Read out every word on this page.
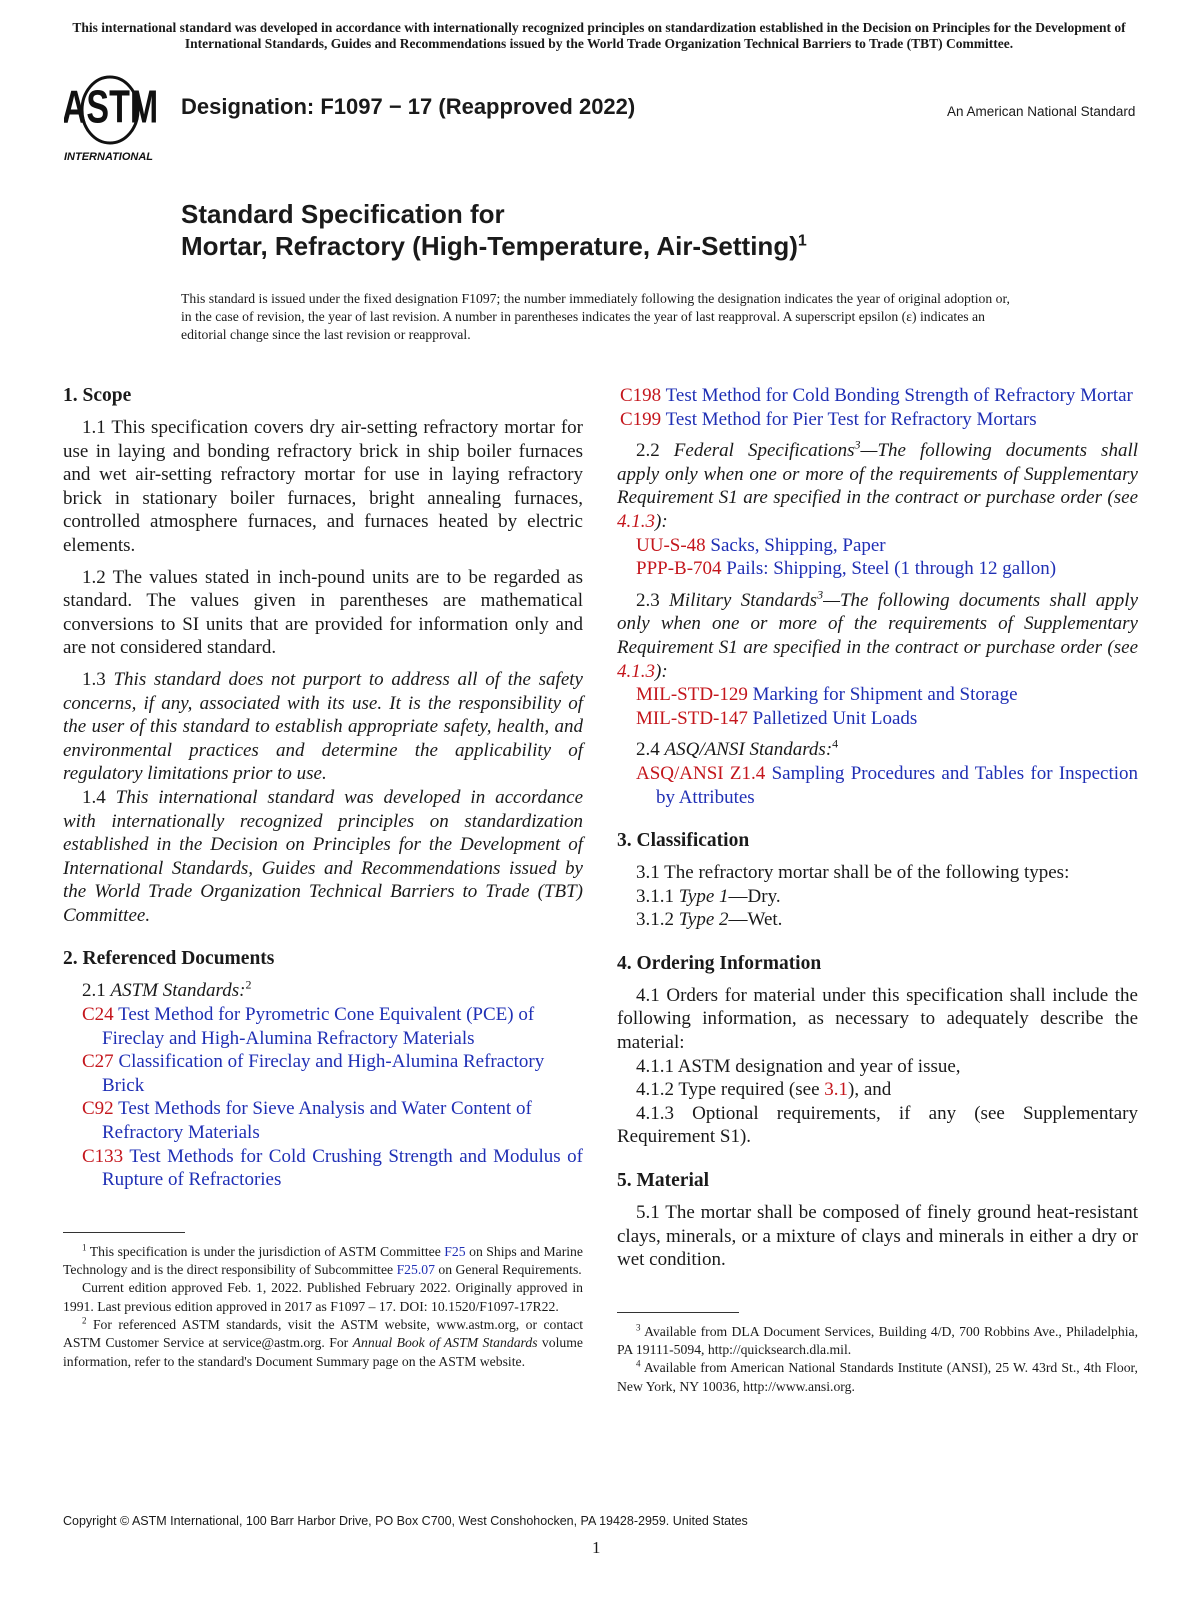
This international standard was developed in accordance with internationally recognized principles on standardization established in the Decision on Principles for the Development of International Standards, Guides and Recommendations issued by the World Trade Organization Technical Barriers to Trade (TBT) Committee.
ASTM
INTERNATIONAL
Designation: F1097 − 17 (Reapproved 2022)	An American National Standard
Standard Specification for
Mortar, Refractory (High-Temperature, Air-Setting)$^1$
This standard is issued under the fixed designation F1097; the number immediately following the designation indicates the year of original adoption or, in the case of revision, the year of last revision. A number in parentheses indicates the year of last reapproval. A superscript epsilon (ε) indicates an editorial change since the last revision or reapproval.
1. Scope

1.1 This specification covers dry air-setting refractory mortar for use in laying and bonding refractory brick in ship boiler furnaces and wet air-setting refractory mortar for use in laying refractory brick in stationary boiler furnaces, bright annealing furnaces, controlled atmosphere furnaces, and furnaces heated by electric elements.

1.2 The values stated in inch-pound units are to be regarded as standard. The values given in parentheses are mathematical conversions to SI units that are provided for information only and are not considered standard.

1.3 This standard does not purport to address all of the safety concerns, if any, associated with its use. It is the responsibility of the user of this standard to establish appropriate safety, health, and environmental practices and determine the applicability of regulatory limitations prior to use.

1.4 This international standard was developed in accordance with internationally recognized principles on standardization established in the Decision on Principles for the Development of International Standards, Guides and Recommendations issued by the World Trade Organization Technical Barriers to Trade (TBT) Committee.

2. Referenced Documents

2.1 ASTM Standards:$^2$

C24 Test Method for Pyrometric Cone Equivalent (PCE) of Fireclay and High-Alumina Refractory Materials

C27 Classification of Fireclay and High-Alumina Refractory Brick

C92 Test Methods for Sieve Analysis and Water Content of Refractory Materials

C133 Test Methods for Cold Crushing Strength and Modulus of Rupture of Refractories

$^1$ This specification is under the jurisdiction of ASTM Committee F25 on Ships and Marine Technology and is the direct responsibility of Subcommittee F25.07 on General Requirements.

Current edition approved Feb. 1, 2022. Published February 2022. Originally approved in 1991. Last previous edition approved in 2017 as F1097 – 17. DOI: 10.1520/F1097-17R22.

$^2$ For referenced ASTM standards, visit the ASTM website, www.astm.org, or contact ASTM Customer Service at service@astm.org. For Annual Book of ASTM Standards volume information, refer to the standard's Document Summary page on the ASTM website.

C198 Test Method for Cold Bonding Strength of Refractory Mortar

C199 Test Method for Pier Test for Refractory Mortars

2.2 Federal Specifications$^3$—The following documents shall apply only when one or more of the requirements of Supplementary Requirement S1 are specified in the contract or purchase order (see 4.1.3):

UU-S-48 Sacks, Shipping, Paper

PPP-B-704 Pails: Shipping, Steel (1 through 12 gallon)

2.3 Military Standards$^3$—The following documents shall apply only when one or more of the requirements of Supplementary Requirement S1 are specified in the contract or purchase order (see 4.1.3):

MIL-STD-129 Marking for Shipment and Storage

MIL-STD-147 Palletized Unit Loads

2.4 ASQ/ANSI Standards:$^4$

ASQ/ANSI Z1.4 Sampling Procedures and Tables for Inspection by Attributes

3. Classification

3.1 The refractory mortar shall be of the following types:

3.1.1 Type 1—Dry.

3.1.2 Type 2—Wet.

4. Ordering Information

4.1 Orders for material under this specification shall include the following information, as necessary to adequately describe the material:

4.1.1 ASTM designation and year of issue,

4.1.2 Type required (see 3.1), and

4.1.3 Optional requirements, if any (see Supplementary Requirement S1).

5. Material

5.1 The mortar shall be composed of finely ground heat-resistant clays, minerals, or a mixture of clays and minerals in either a dry or wet condition.

$^3$ Available from DLA Document Services, Building 4/D, 700 Robbins Ave., Philadelphia, PA 19111-5094, http://quicksearch.dla.mil.

$^4$ Available from American National Standards Institute (ANSI), 25 W. 43rd St., 4th Floor, New York, NY 10036, http://www.ansi.org.

Copyright © ASTM International, 100 Barr Harbor Drive, PO Box C700, West Conshohocken, PA 19428-2959. United States
1
